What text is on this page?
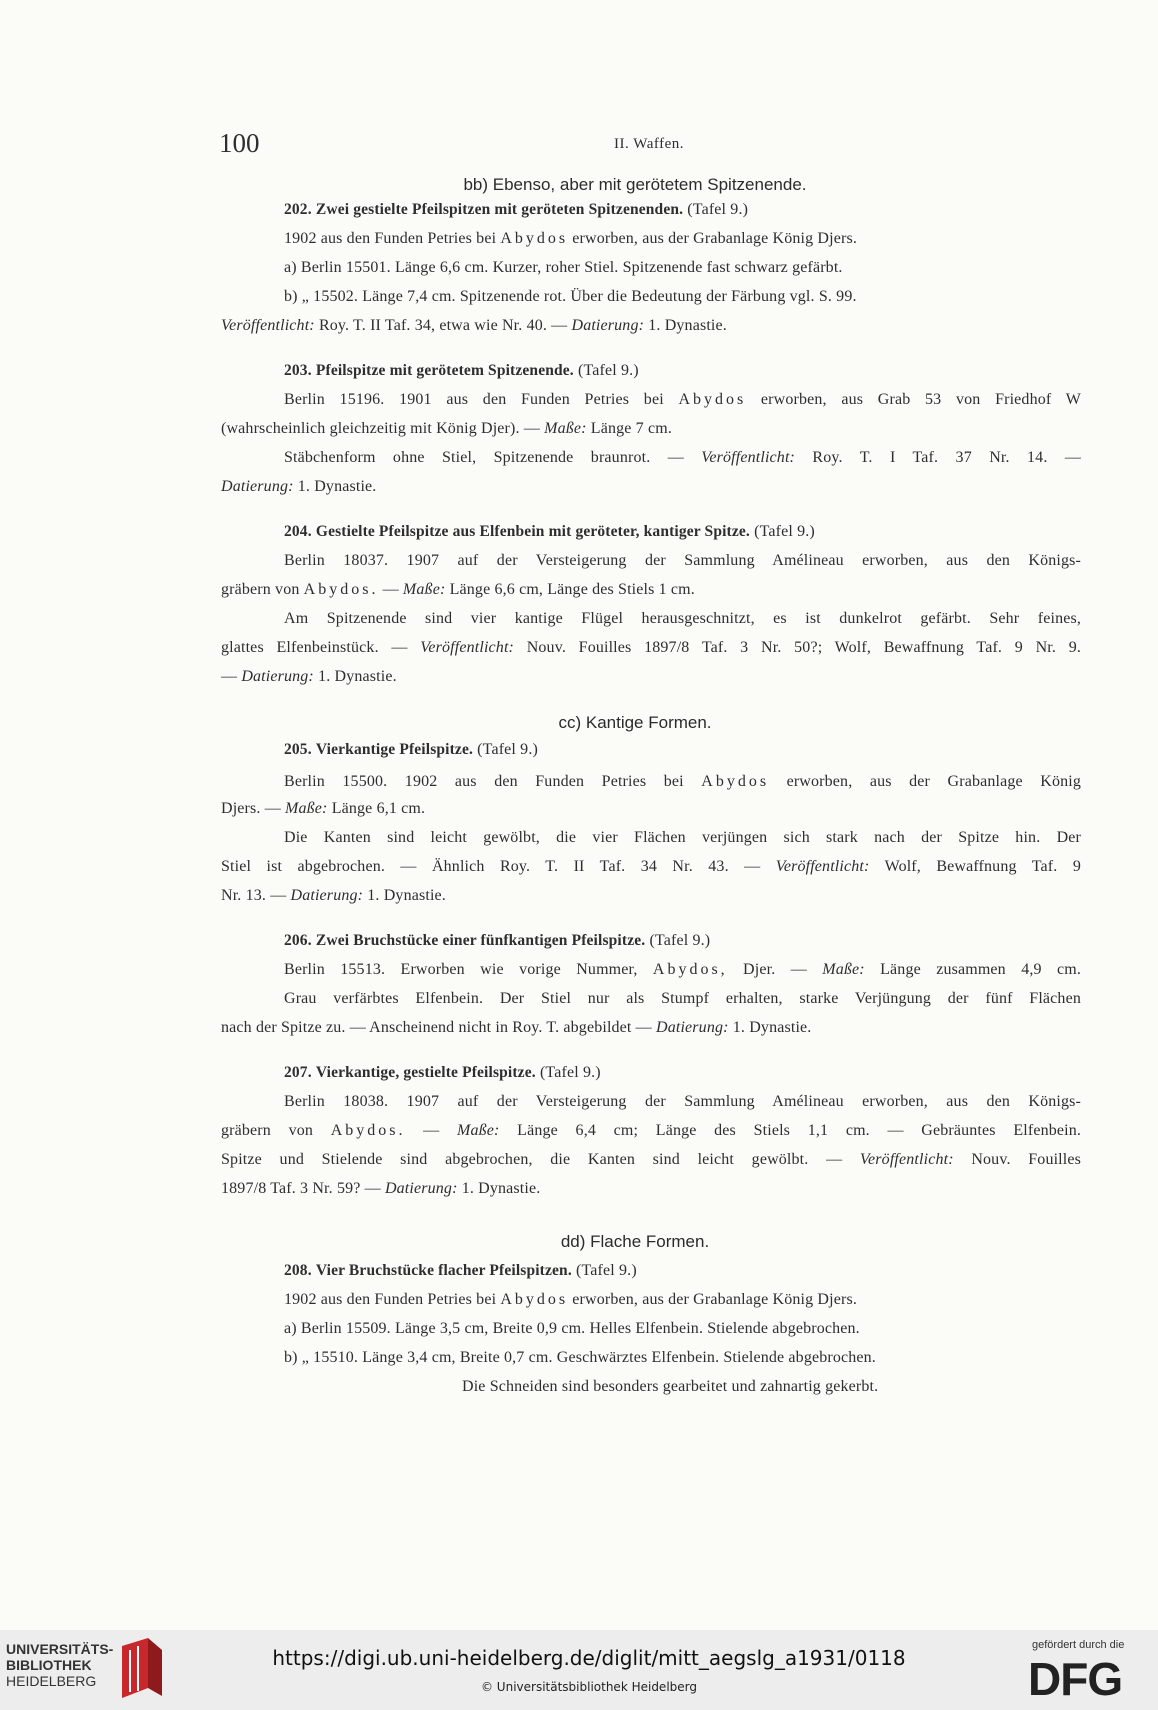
100	II. Waffen.
bb) Ebenso, aber mit gerötetem Spitzenende.
202. Zwei gestielte Pfeilspitzen mit geröteten Spitzenenden. (Tafel 9.)
1902 aus den Funden Petries bei Abydos erworben, aus der Grabanlage König Djers.
a) Berlin 15501. Länge 6,6 cm. Kurzer, roher Stiel. Spitzenende fast schwarz gefärbt.
b) „ 15502. Länge 7,4 cm. Spitzenende rot. Über die Bedeutung der Färbung vgl. S. 99.
Veröffentlicht: Roy. T. II Taf. 34, etwa wie Nr. 40. — Datierung: 1. Dynastie.
203. Pfeilspitze mit gerötetem Spitzenende. (Tafel 9.)
Berlin 15196. 1901 aus den Funden Petries bei Abydos erworben, aus Grab 53 von Friedhof W
(wahrscheinlich gleichzeitig mit König Djer). — Maße: Länge 7 cm.
Stäbchenform ohne Stiel, Spitzenende braunrot. — Veröffentlicht: Roy. T. I Taf. 37 Nr. 14. —
Datierung: 1. Dynastie.
204. Gestielte Pfeilspitze aus Elfenbein mit geröteter, kantiger Spitze. (Tafel 9.)
Berlin 18037. 1907 auf der Versteigerung der Sammlung Amélineau erworben, aus den Königs-
gräbern von Abydos. — Maße: Länge 6,6 cm, Länge des Stiels 1 cm.
Am Spitzenende sind vier kantige Flügel herausgeschnitzt, es ist dunkelrot gefärbt. Sehr feines,
glattes Elfenbeinstück. — Veröffentlicht: Nouv. Fouilles 1897/8 Taf. 3 Nr. 50?; Wolf, Bewaffnung Taf. 9 Nr. 9.
— Datierung: 1. Dynastie.
cc) Kantige Formen.
205. Vierkantige Pfeilspitze. (Tafel 9.)
Berlin 15500. 1902 aus den Funden Petries bei Abydos erworben, aus der Grabanlage König
Djers. — Maße: Länge 6,1 cm.
Die Kanten sind leicht gewölbt, die vier Flächen verjüngen sich stark nach der Spitze hin. Der
Stiel ist abgebrochen. — Ähnlich Roy. T. II Taf. 34 Nr. 43. — Veröffentlicht: Wolf, Bewaffnung Taf. 9
Nr. 13. — Datierung: 1. Dynastie.
206. Zwei Bruchstücke einer fünfkantigen Pfeilspitze. (Tafel 9.)
Berlin 15513. Erworben wie vorige Nummer, Abydos, Djer. — Maße: Länge zusammen 4,9 cm.
Grau verfärbtes Elfenbein. Der Stiel nur als Stumpf erhalten, starke Verjüngung der fünf Flächen
nach der Spitze zu. — Anscheinend nicht in Roy. T. abgebildet — Datierung: 1. Dynastie.
207. Vierkantige, gestielte Pfeilspitze. (Tafel 9.)
Berlin 18038. 1907 auf der Versteigerung der Sammlung Amélineau erworben, aus den Königs-
gräbern von Abydos. — Maße: Länge 6,4 cm; Länge des Stiels 1,1 cm. — Gebräuntes Elfenbein.
Spitze und Stielende sind abgebrochen, die Kanten sind leicht gewölbt. — Veröffentlicht: Nouv. Fouilles
1897/8 Taf. 3 Nr. 59? — Datierung: 1. Dynastie.
dd) Flache Formen.
208. Vier Bruchstücke flacher Pfeilspitzen. (Tafel 9.)
1902 aus den Funden Petries bei Abydos erworben, aus der Grabanlage König Djers.
a) Berlin 15509. Länge 3,5 cm, Breite 0,9 cm. Helles Elfenbein. Stielende abgebrochen.
b) „ 15510. Länge 3,4 cm, Breite 0,7 cm. Geschwärztes Elfenbein. Stielende abgebrochen.
Die Schneiden sind besonders gearbeitet und zahnartig gekerbt.
UNIVERSITÄTS-
BIBLIOTHEK
HEIDELBERG
https://digi.ub.uni-heidelberg.de/diglit/mitt_aegslg_a1931/0118
© Universitätsbibliothek Heidelberg
gefördert durch die
DFG
